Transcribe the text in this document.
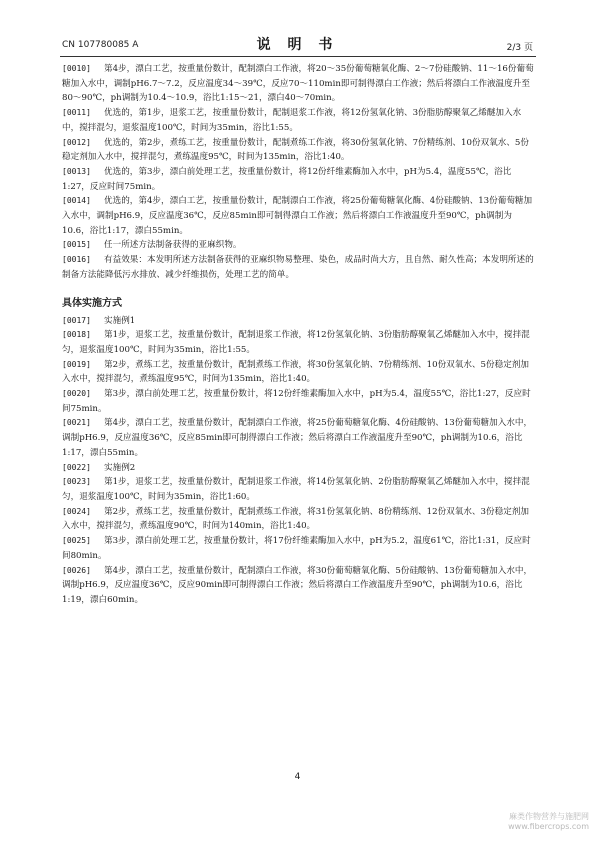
CN 107780085 A	说 明 书	2/3 页
[0010] 第4步，漂白工艺，按重量份数计，配制漂白工作液，将20～35份葡萄糖氧化酶、2～7份硅酸钠、11～16份葡萄糖加入水中，调制pH6.7～7.2，反应温度34～39℃，反应70～110min即可制得漂白工作液；然后将漂白工作液温度升至80～90℃，ph调制为10.4～10.9，浴比1:15～21，漂白40～70min。
[0011] 优选的，第1步，退浆工艺，按重量份数计，配制退浆工作液，将12份氢氧化钠、3份脂肪醇聚氧乙烯醚加入水中，搅拌混匀，退浆温度100℃，时间为35min，浴比1:55。
[0012] 优选的，第2步，煮练工艺，按重量份数计，配制煮练工作液，将30份氢氧化钠、7份精练剂、10份双氧水、5份稳定剂加入水中，搅拌混匀，煮练温度95℃，时间为135min，浴比1:40。
[0013] 优选的，第3步，漂白前处理工艺，按重量份数计，将12份纤维素酶加入水中，pH为5.4，温度55℃，浴比1:27，反应时间75min。
[0014] 优选的，第4步，漂白工艺，按重量份数计，配制漂白工作液，将25份葡萄糖氧化酶、4份硅酸钠、13份葡萄糖加入水中，调制pH6.9，反应温度36℃，反应85min即可制得漂白工作液；然后将漂白工作液温度升至90℃，ph调制为10.6，浴比1:17，漂白55min。
[0015] 任一所述方法制备获得的亚麻织物。
[0016] 有益效果：本发明所述方法制备获得的亚麻织物易整理、染色，成品时尚大方，且自然、耐久性高；本发明所述的制备方法能降低污水排放、减少纤维损伤，处理工艺的简单。
具体实施方式
[0017] 实施例1
[0018] 第1步，退浆工艺，按重量份数计，配制退浆工作液，将12份氢氧化钠、3份脂肪醇聚氧乙烯醚加入水中，搅拌混匀，退浆温度100℃，时间为35min，浴比1:55。
[0019] 第2步，煮练工艺，按重量份数计，配制煮练工作液，将30份氢氧化钠、7份精练剂、10份双氧水、5份稳定剂加入水中，搅拌混匀，煮练温度95℃，时间为135min，浴比1:40。
[0020] 第3步，漂白前处理工艺，按重量份数计，将12份纤维素酶加入水中，pH为5.4，温度55℃，浴比1:27，反应时间75min。
[0021] 第4步，漂白工艺，按重量份数计，配制漂白工作液，将25份葡萄糖氧化酶、4份硅酸钠、13份葡萄糖加入水中，调制pH6.9，反应温度36℃，反应85min即可制得漂白工作液；然后将漂白工作液温度升至90℃，ph调制为10.6，浴比1:17，漂白55min。
[0022] 实施例2
[0023] 第1步，退浆工艺，按重量份数计，配制退浆工作液，将14份氢氧化钠、2份脂肪醇聚氧乙烯醚加入水中，搅拌混匀，退浆温度100℃，时间为35min，浴比1:60。
[0024] 第2步，煮练工艺，按重量份数计，配制煮练工作液，将31份氢氧化钠、8份精练剂、12份双氧水、3份稳定剂加入水中，搅拌混匀，煮练温度90℃，时间为140min，浴比1:40。
[0025] 第3步，漂白前处理工艺，按重量份数计，将17份纤维素酶加入水中，pH为5.2，温度61℃，浴比1:31，反应时间80min。
[0026] 第4步，漂白工艺，按重量份数计，配制漂白工作液，将30份葡萄糖氧化酶、5份硅酸钠、13份葡萄糖加入水中，调制pH6.9，反应温度36℃，反应90min即可制得漂白工作液；然后将漂白工作液温度升至90℃，ph调制为10.6，浴比1:19，漂白60min。
4
麻类作物营养与施肥网
www.fibercrops.com
